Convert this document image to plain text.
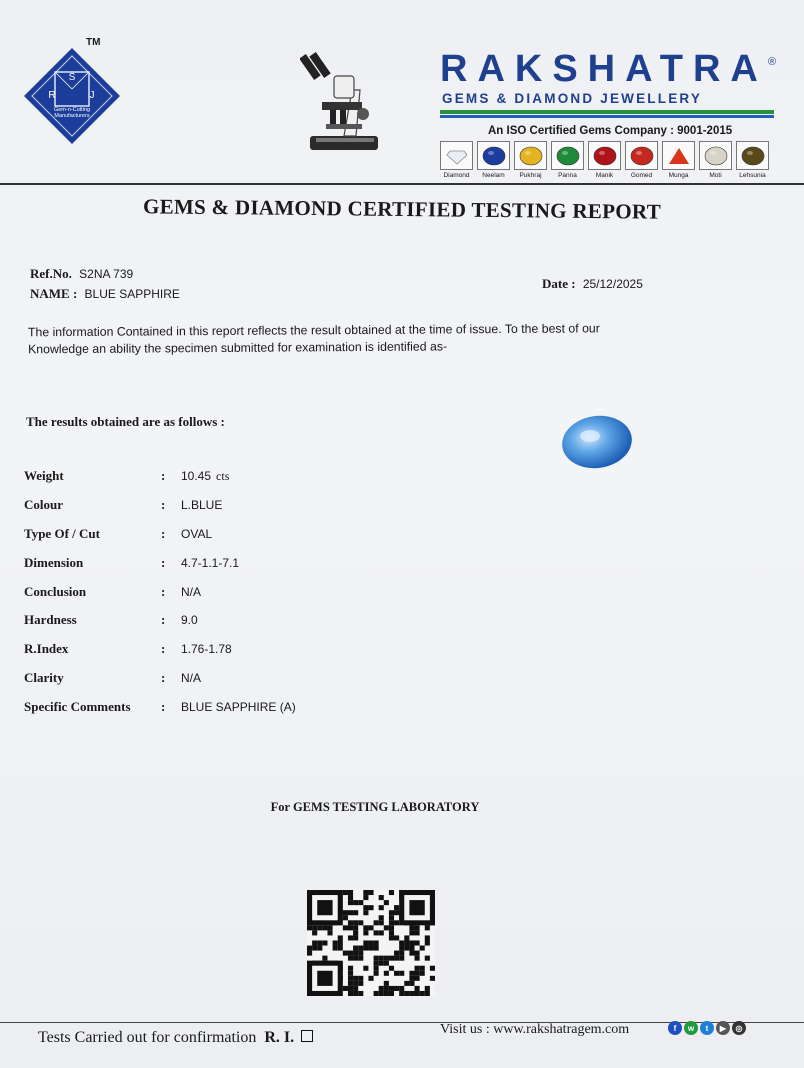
S
R	J
Gem-n-Cutting
Manufacturers
TM
RAKSHATRA ®
GEMS & DIAMOND JEWELLERY
An ISO Certified Gems Company : 9001-2015
Diamond Neelam Pukhraj	Panna	Manik	Gomed	Munga	Moti	Lehsunia
GEMS & DIAMOND CERTIFIED TESTING REPORT
Ref.No. S2NA 739
NAME : BLUE SAPPHIRE
Date : 25/12/2025
The information Contained in this report reflects the result obtained at the time of issue. To the best of our
Knowledge an ability the specimen submitted for examination is identified as-
The results obtained are as follows :
Weight	: 10.45 cts
Colour	: L.BLUE
Type Of / Cut	: OVAL
Dimension	: 4.7-1.1-7.1
Conclusion	: N/A
Hardness	: 9.0
R.Index	: 1.76-1.78
Clarity	: N/A
Specific Comments : BLUE SAPPHIRE (A)
For GEMS TESTING LABORATORY
Tests Carried out for confirmation R. I.	Visit us : www.rakshatragem.com	f	w	t	▶	◎
